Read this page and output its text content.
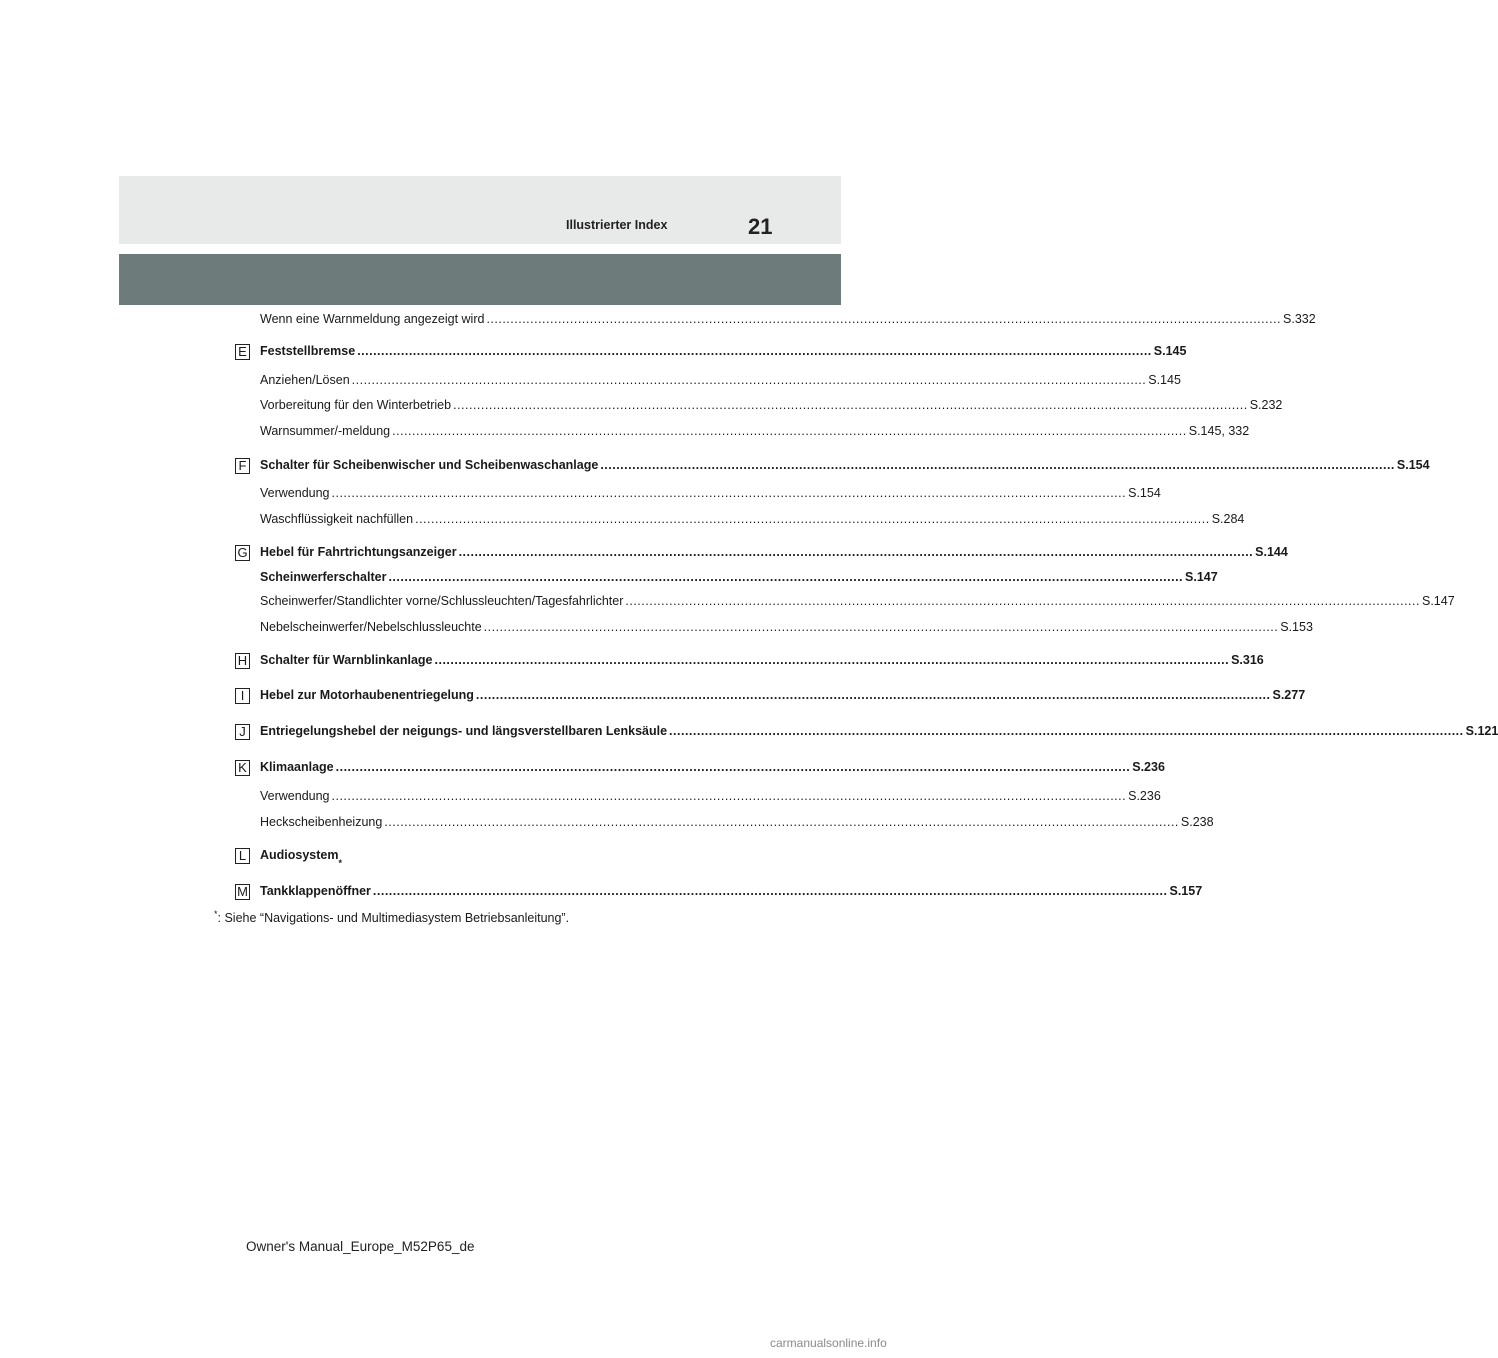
Illustrierter Index	21
Wenn eine Warnmeldung angezeigt wird ........................................................................................................................................................................................................ S.332
Feststellbremse ........................................................................................................................................................................................................ S.145
E
Anziehen/Lösen ........................................................................................................................................................................................................ S.145
Vorbereitung für den Winterbetrieb ........................................................................................................................................................................................................ S.232
Warnsummer/-meldung ........................................................................................................................................................................................................ S.145, 332
Schalter für Scheibenwischer und Scheibenwaschanlage ........................................................................................................................................................................................................ S.154
F
Verwendung ........................................................................................................................................................................................................ S.154
Waschflüssigkeit nachfüllen ........................................................................................................................................................................................................ S.284
Hebel für Fahrtrichtungsanzeiger ........................................................................................................................................................................................................ S.144
G
Scheinwerferschalter ........................................................................................................................................................................................................ S.147
Scheinwerfer/Standlichter vorne/Schlussleuchten/Tagesfahrlichter ........................................................................................................................................................................................................ S.147
Nebelscheinwerfer/Nebelschlussleuchte ........................................................................................................................................................................................................ S.153
Schalter für Warnblinkanlage ........................................................................................................................................................................................................ S.316
H
Hebel zur Motorhaubenentriegelung ........................................................................................................................................................................................................ S.277
I
Entriegelungshebel der neigungs- und längsverstellbaren Lenksäule ........................................................................................................................................................................................................ S.121
J
Klimaanlage ........................................................................................................................................................................................................ S.236
K
Verwendung ........................................................................................................................................................................................................ S.236
Heckscheibenheizung ........................................................................................................................................................................................................ S.238
Audiosystem
*
L
Tankklappenöffner ........................................................................................................................................................................................................ S.157
M
*: Siehe “Navigations- und Multimediasystem Betriebsanleitung”.
Owner's Manual_Europe_M52P65_de
carmanualsonline.info
